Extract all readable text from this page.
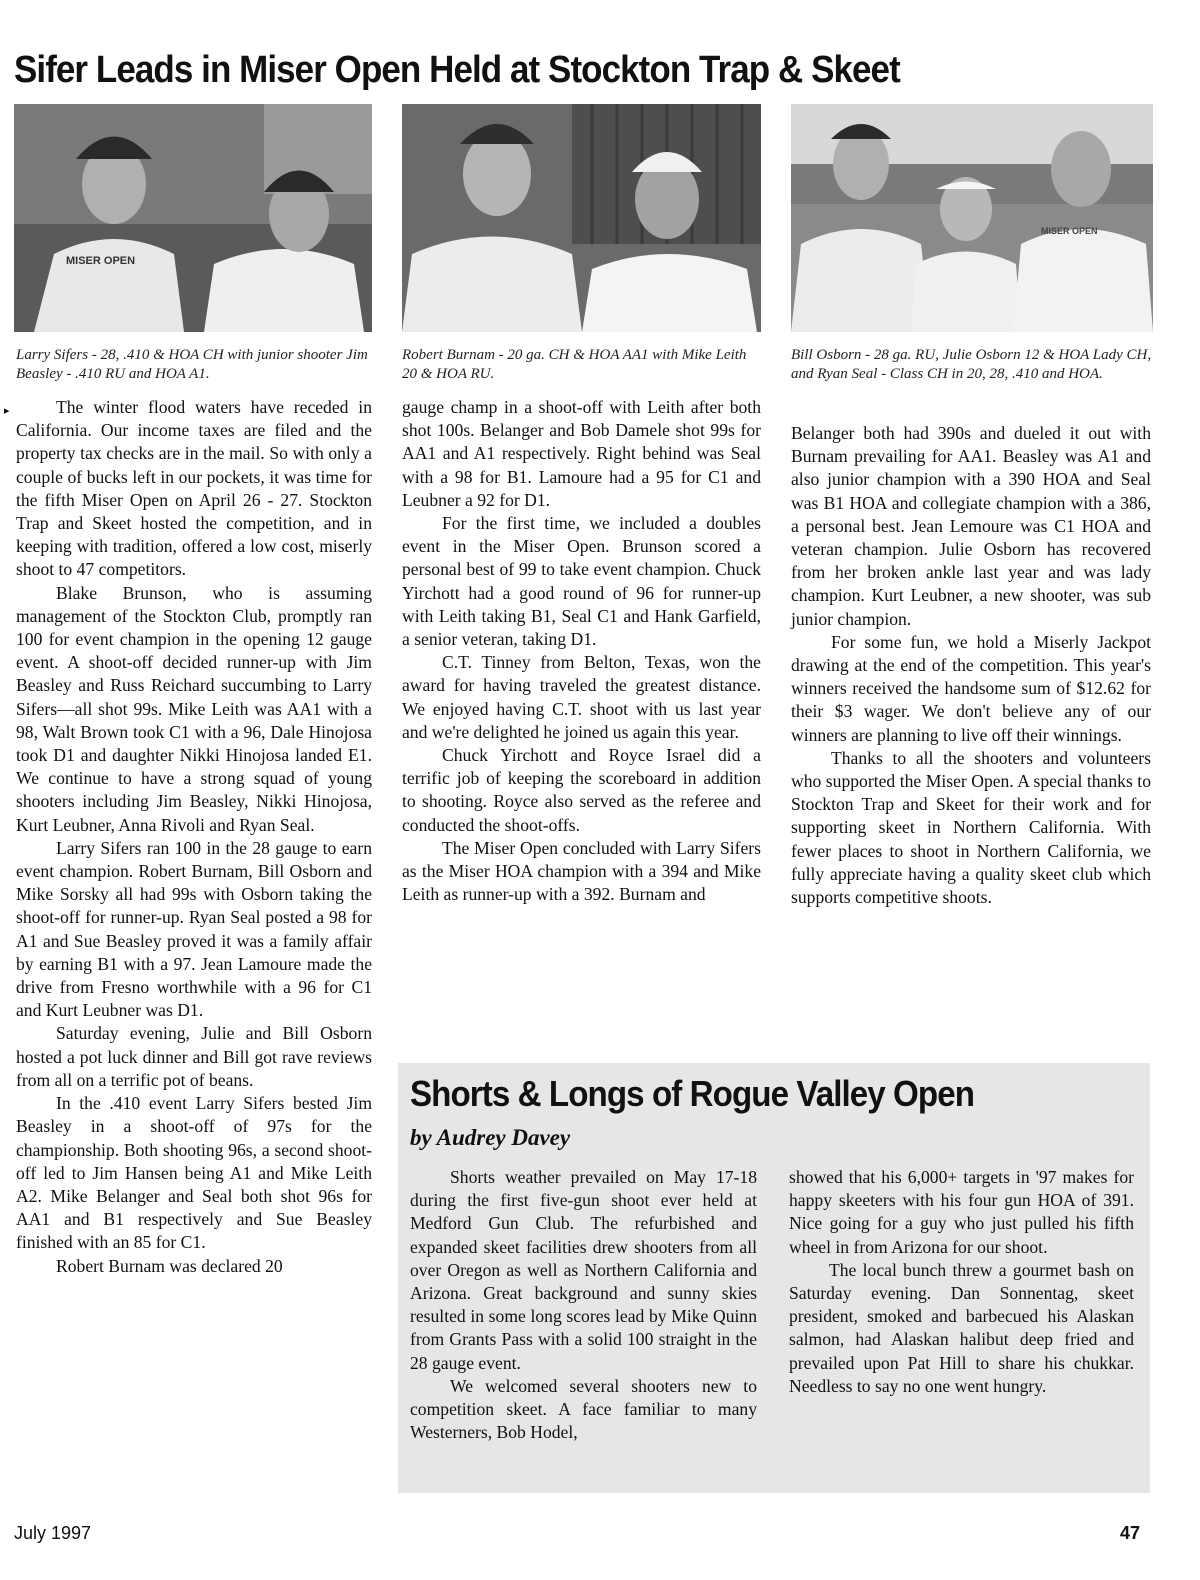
Sifer Leads in Miser Open Held at Stockton Trap & Skeet
MISER OPEN
Larry Sifers - 28, .410 & HOA CH with junior shooter Jim Beasley - .410 RU and HOA A1.
Robert Burnam - 20 ga. CH & HOA AA1 with Mike Leith 20 & HOA RU.
MISER OPEN
Bill Osborn - 28 ga. RU, Julie Osborn 12 & HOA Lady CH, and Ryan Seal - Class CH in 20, 28, .410 and HOA.
▸	The winter flood waters have receded in California. Our income taxes are filed and the property tax checks are in the mail. So with only a couple of bucks left in our pockets, it was time for the fifth Miser Open on April 26 - 27. Stockton Trap and Skeet hosted the competition, and in keeping with tradition, offered a low cost, miserly shoot to 47 competitors.

Blake Brunson, who is assuming management of the Stockton Club, promptly ran 100 for event champion in the opening 12 gauge event. A shoot-off decided runner-up with Jim Beasley and Russ Reichard succumbing to Larry Sifers—all shot 99s. Mike Leith was AA1 with a 98, Walt Brown took C1 with a 96, Dale Hinojosa took D1 and daughter Nikki Hinojosa landed E1. We continue to have a strong squad of young shooters including Jim Beasley, Nikki Hinojosa, Kurt Leubner, Anna Rivoli and Ryan Seal.

Larry Sifers ran 100 in the 28 gauge to earn event champion. Robert Burnam, Bill Osborn and Mike Sorsky all had 99s with Osborn taking the shoot-off for runner-up. Ryan Seal posted a 98 for A1 and Sue Beasley proved it was a family affair by earning B1 with a 97. Jean Lamoure made the drive from Fresno worthwhile with a 96 for C1 and Kurt Leubner was D1.

Saturday evening, Julie and Bill Osborn hosted a pot luck dinner and Bill got rave reviews from all on a terrific pot of beans.

In the .410 event Larry Sifers bested Jim Beasley in a shoot-off of 97s for the championship. Both shooting 96s, a second shoot-off led to Jim Hansen being A1 and Mike Leith A2. Mike Belanger and Seal both shot 96s for AA1 and B1 respectively and Sue Beasley finished with an 85 for C1.

Robert Burnam was declared 20

gauge champ in a shoot-off with Leith after both shot 100s. Belanger and Bob Damele shot 99s for AA1 and A1 respectively. Right behind was Seal with a 98 for B1. Lamoure had a 95 for C1 and Leubner a 92 for D1.

For the first time, we included a doubles event in the Miser Open. Brunson scored a personal best of 99 to take event champion. Chuck Yirchott had a good round of 96 for runner-up with Leith taking B1, Seal C1 and Hank Garfield, a senior veteran, taking D1.

C.T. Tinney from Belton, Texas, won the award for having traveled the greatest distance. We enjoyed having C.T. shoot with us last year and we're delighted he joined us again this year.

Chuck Yirchott and Royce Israel did a terrific job of keeping the scoreboard in addition to shooting. Royce also served as the referee and conducted the shoot-offs.

The Miser Open concluded with Larry Sifers as the Miser HOA champion with a 394 and Mike Leith as runner-up with a 392. Burnam and

Belanger both had 390s and dueled it out with Burnam prevailing for AA1. Beasley was A1 and also junior champion with a 390 HOA and Seal was B1 HOA and collegiate champion with a 386, a personal best. Jean Lemoure was C1 HOA and veteran champion. Julie Osborn has recovered from her broken ankle last year and was lady champion. Kurt Leubner, a new shooter, was sub junior champion.

For some fun, we hold a Miserly Jackpot drawing at the end of the competition. This year's winners received the handsome sum of $12.62 for their $3 wager. We don't believe any of our winners are planning to live off their winnings.

Thanks to all the shooters and volunteers who supported the Miser Open. A special thanks to Stockton Trap and Skeet for their work and for supporting skeet in Northern California. With fewer places to shoot in Northern California, we fully appreciate having a quality skeet club which supports competitive shoots.

Shorts & Longs of Rogue Valley Open
by Audrey Davey

Shorts weather prevailed on May 17-18 during the first five-gun shoot ever held at Medford Gun Club. The refurbished and expanded skeet facilities drew shooters from all over Oregon as well as Northern California and Arizona. Great background and sunny skies resulted in some long scores lead by Mike Quinn from Grants Pass with a solid 100 straight in the 28 gauge event.

We welcomed several shooters new to competition skeet. A face familiar to many Westerners, Bob Hodel,

showed that his 6,000+ targets in '97 makes for happy skeeters with his four gun HOA of 391. Nice going for a guy who just pulled his fifth wheel in from Arizona for our shoot.

The local bunch threw a gourmet bash on Saturday evening. Dan Sonnentag, skeet president, smoked and barbecued his Alaskan salmon, had Alaskan halibut deep fried and prevailed upon Pat Hill to share his chukkar. Needless to say no one went hungry.

July 1997	47
